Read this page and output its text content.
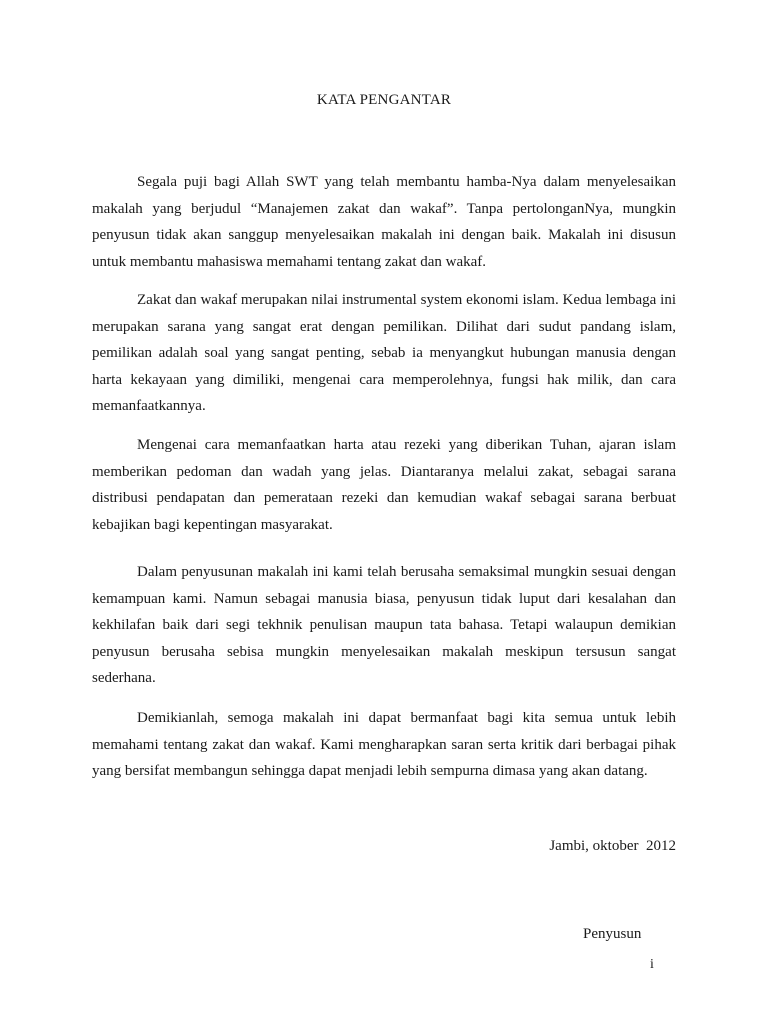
KATA PENGANTAR

Segala puji bagi Allah SWT yang telah membantu hamba-Nya dalam menyelesaikan makalah yang berjudul “Manajemen zakat dan wakaf”. Tanpa pertolonganNya, mungkin penyusun tidak akan sanggup menyelesaikan makalah ini dengan baik. Makalah ini disusun untuk membantu mahasiswa memahami tentang zakat dan wakaf.

Zakat dan wakaf merupakan nilai instrumental system ekonomi islam. Kedua lembaga ini merupakan sarana yang sangat erat dengan pemilikan. Dilihat dari sudut pandang islam, pemilikan adalah soal yang sangat penting, sebab ia menyangkut hubungan manusia dengan harta kekayaan yang dimiliki, mengenai cara memperolehnya, fungsi hak milik, dan cara memanfaatkannya.

Mengenai cara memanfaatkan harta atau rezeki yang diberikan Tuhan, ajaran islam memberikan pedoman dan wadah yang jelas. Diantaranya melalui zakat, sebagai sarana distribusi pendapatan dan pemerataan rezeki dan kemudian wakaf sebagai sarana berbuat kebajikan bagi kepentingan masyarakat.

Dalam penyusunan makalah ini kami telah berusaha semaksimal mungkin sesuai dengan kemampuan kami. Namun sebagai manusia biasa, penyusun tidak luput dari kesalahan dan kekhilafan baik dari segi tekhnik penulisan maupun tata bahasa. Tetapi walaupun demikian penyusun berusaha sebisa mungkin menyelesaikan makalah meskipun tersusun sangat sederhana.

Demikianlah, semoga makalah ini dapat bermanfaat bagi kita semua untuk lebih memahami tentang zakat dan wakaf. Kami mengharapkan saran serta kritik dari berbagai pihak yang bersifat membangun sehingga dapat menjadi lebih sempurna dimasa yang akan datang.

Jambi, oktober  2012
Penyusun
i
